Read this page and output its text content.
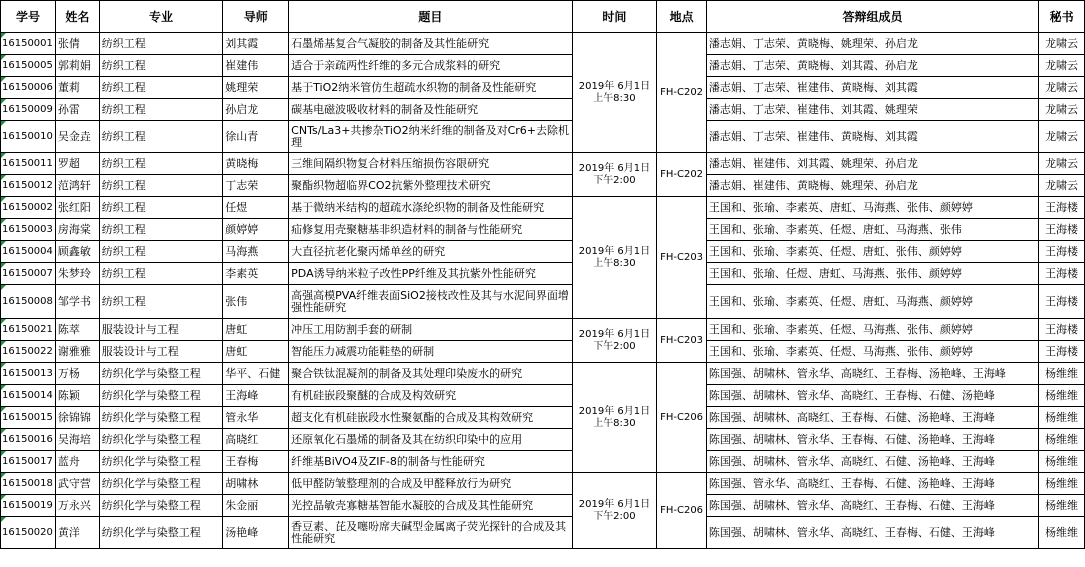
学号	姓名	专业	导师	题目	时间	地点	答辩组成员	秘书
16150001	张倩	纺织工程	刘其霞	石墨烯基复合气凝胶的制备及其性能研究	2019年 6月1日 上午8:30	FH-C202	潘志娟、丁志荣、黄晓梅、姚理荣、孙启龙	龙啸云
16150005	郭莉娟	纺织工程	崔建伟	适合于亲疏两性纤维的多元合成浆料的研究			潘志娟、丁志荣、黄晓梅、刘其霞、孙启龙	龙啸云
16150006	董莉	纺织工程	姚理荣	基于TiO2纳米管仿生超疏水织物的制备及性能研究			潘志娟、丁志荣、崔建伟、黄晓梅、刘其霞	龙啸云
16150009	孙雷	纺织工程	孙启龙	碳基电磁波吸收材料的制备及性能研究			潘志娟、丁志荣、崔建伟、刘其霞、姚理荣	龙啸云
16150010	吴金垚	纺织工程	徐山青	CNTs/La3+共掺杂TiO2纳米纤维的制备及对Cr6+去除机理			潘志娟、丁志荣、崔建伟、黄晓梅、刘其霞	龙啸云
16150011	罗超	纺织工程	黄晓梅	三维间隔织物复合材料压缩损伤容限研究	2019年 6月1日 下午2:00	FH-C202	潘志娟、崔建伟、刘其霞、姚理荣、孙启龙	龙啸云
16150012	范鸿轩	纺织工程	丁志荣	聚酯织物超临界CO2抗紫外整理技术研究			潘志娟、崔建伟、黄晓梅、姚理荣、孙启龙	龙啸云
16150002	张红阳	纺织工程	任煜	基于微纳米结构的超疏水涤纶织物的制备及性能研究	2019年 6月1日 上午8:30	FH-C203	王国和、张瑜、李素英、唐虹、马海燕、张伟、颜婷婷	王海楼
16150003	房海棠	纺织工程	颜婷婷	疝修复用壳聚糖基非织造材料的制备与性能研究			王国和、张瑜、李素英、任煜、唐虹、马海燕、张伟	王海楼
16150004	顾鑫敏	纺织工程	马海燕	大直径抗老化聚丙烯单丝的研究			王国和、张瑜、李素英、任煜、唐虹、张伟、颜婷婷	王海楼
16150007	朱梦玲	纺织工程	李素英	PDA诱导纳米粒子改性PP纤维及其抗紫外性能研究			王国和、张瑜、任煜、唐虹、马海燕、张伟、颜婷婷	王海楼
16150008	邹学书	纺织工程	张伟	高强高模PVA纤维表面SiO2接枝改性及其与水泥间界面增强性能研究			王国和、张瑜、李素英、任煜、唐虹、马海燕、颜婷婷	王海楼
16150021	陈萃	服装设计与工程	唐虹	冲压工用防割手套的研制	2019年 6月1日 下午2:00	FH-C203	王国和、张瑜、李素英、任煜、马海燕、张伟、颜婷婷	王海楼
16150022	谢雅雅	服装设计与工程	唐虹	智能压力减震功能鞋垫的研制			王国和、张瑜、李素英、任煜、马海燕、张伟、颜婷婷	王海楼
16150013	万杨	纺织化学与染整工程	华平、石健	聚合铁钛混凝剂的制备及其处理印染废水的研究	2019年 6月1日 上午8:30	FH-C206	陈国强、胡啸林、管永华、高晓红、王春梅、汤艳峰、王海峰	杨维维
16150014	陈颖	纺织化学与染整工程	王海峰	有机硅嵌段聚醚的合成及构效研究			陈国强、胡啸林、管永华、高晓红、王春梅、石健、汤艳峰	杨维维
16150015	徐锦锦	纺织化学与染整工程	管永华	超支化有机硅嵌段水性聚氨酯的合成及其构效研究			陈国强、胡啸林、高晓红、王春梅、石健、汤艳峰、王海峰	杨维维
16150016	吴海培	纺织化学与染整工程	高晓红	还原氧化石墨烯的制备及其在纺织印染中的应用			陈国强、胡啸林、管永华、王春梅、石健、汤艳峰、王海峰	杨维维
16150017	蓝舟	纺织化学与染整工程	王春梅	纤维基BiVO4及ZIF-8的制备与性能研究			陈国强、胡啸林、管永华、高晓红、石健、汤艳峰、王海峰	杨维维
16150018	武守营	纺织化学与染整工程	胡啸林	低甲醛防皱整理剂的合成及甲醛释放行为研究	2019年 6月1日 下午2:00	FH-C206	陈国强、管永华、高晓红、王春梅、石健、汤艳峰、王海峰	杨维维
16150019	万永兴	纺织化学与染整工程	朱金丽	光控晶敏壳寡糖基智能水凝胶的合成及其性能研究			陈国强、胡啸林、管永华、高晓红、王春梅、石健、王海峰	杨维维
16150020	黄洋	纺织化学与染整工程	汤艳峰	香豆素、芘及噻吩席夫碱型金属离子荧光探针的合成及其性能研究			陈国强、胡啸林、管永华、高晓红、王春梅、石健、王海峰	杨维维
